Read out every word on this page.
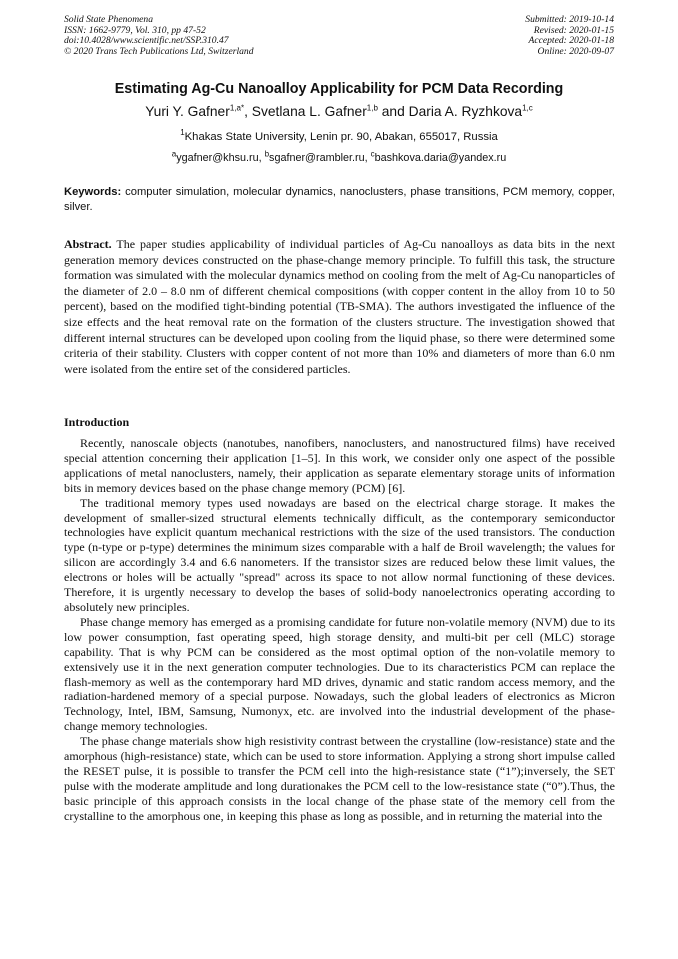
Solid State Phenomena
ISSN: 1662-9779, Vol. 310, pp 47-52
doi:10.4028/www.scientific.net/SSP.310.47
© 2020 Trans Tech Publications Ltd, Switzerland
Submitted: 2019-10-14
Revised: 2020-01-15
Accepted: 2020-01-18
Online: 2020-09-07
Estimating Ag-Cu Nanoalloy Applicability for PCM Data Recording
Yuri Y. Gafner$^{1,a*}$, Svetlana L. Gafner$^{1,b}$ and Daria A. Ryzhkova$^{1,c}$
$^1$Khakas State University, Lenin pr. 90, Abakan, 655017, Russia
$^a$ygafner@khsu.ru, $^b$sgafner@rambler.ru, $^c$bashkova.daria@yandex.ru
Keywords: computer simulation, molecular dynamics, nanoclusters, phase transitions, PCM memory, copper, silver.
Abstract. The paper studies applicability of individual particles of Ag-Cu nanoalloys as data bits in the next generation memory devices constructed on the phase-change memory principle. To fulfill this task, the structure formation was simulated with the molecular dynamics method on cooling from the melt of Ag-Cu nanoparticles of the diameter of 2.0 – 8.0 nm of different chemical compositions (with copper content in the alloy from 10 to 50 percent), based on the modified tight-binding potential (TB-SMA). The authors investigated the influence of the size effects and the heat removal rate on the formation of the clusters structure. The investigation showed that different internal structures can be developed upon cooling from the liquid phase, so there were determined some criteria of their stability. Clusters with copper content of not more than 10% and diameters of more than 6.0 nm were isolated from the entire set of the considered particles.
Introduction

Recently, nanoscale objects (nanotubes, nanofibers, nanoclusters, and nanostructured films) have received special attention concerning their application [1–5]. In this work, we consider only one aspect of the possible applications of metal nanoclusters, namely, their application as separate elementary storage units of information bits in memory devices based on the phase change memory (PCM) [6].

The traditional memory types used nowadays are based on the electrical charge storage. It makes the development of smaller-sized structural elements technically difficult, as the contemporary semiconductor technologies have explicit quantum mechanical restrictions with the size of the used transistors. The conduction type (n-type or p-type) determines the minimum sizes comparable with a half de Broil wavelength; the values for silicon are accordingly 3.4 and 6.6 nanometers. If the transistor sizes are reduced below these limit values, the electrons or holes will be actually "spread" across its space to not allow normal functioning of these devices. Therefore, it is urgently necessary to develop the bases of solid-body nanoelectronics operating according to absolutely new principles.

Phase change memory has emerged as a promising candidate for future non-volatile memory (NVM) due to its low power consumption, fast operating speed, high storage density, and multi-bit per cell (MLC) storage capability. That is why PCM can be considered as the most optimal option of the non-volatile memory to extensively use it in the next generation computer technologies. Due to its characteristics PCM can replace the flash-memory as well as the contemporary hard MD drives, dynamic and static random access memory, and the radiation-hardened memory of a special purpose. Nowadays, such the global leaders of electronics as Micron Technology, Intel, IBM, Samsung, Numonyx, etc. are involved into the industrial development of the phase-change memory technologies.

The phase change materials show high resistivity contrast between the crystalline (low-resistance) state and the amorphous (high-resistance) state, which can be used to store information. Applying a strong short impulse called the RESET pulse, it is possible to transfer the PCM cell into the high-resistance state (“1”);inversely, the SET pulse with the moderate amplitude and long durationakes the PCM cell to the low-resistance state (“0”).Thus, the basic principle of this approach consists in the local change of the phase state of the memory cell from the crystalline to the amorphous one, in keeping this phase as long as possible, and in returning the material into the
